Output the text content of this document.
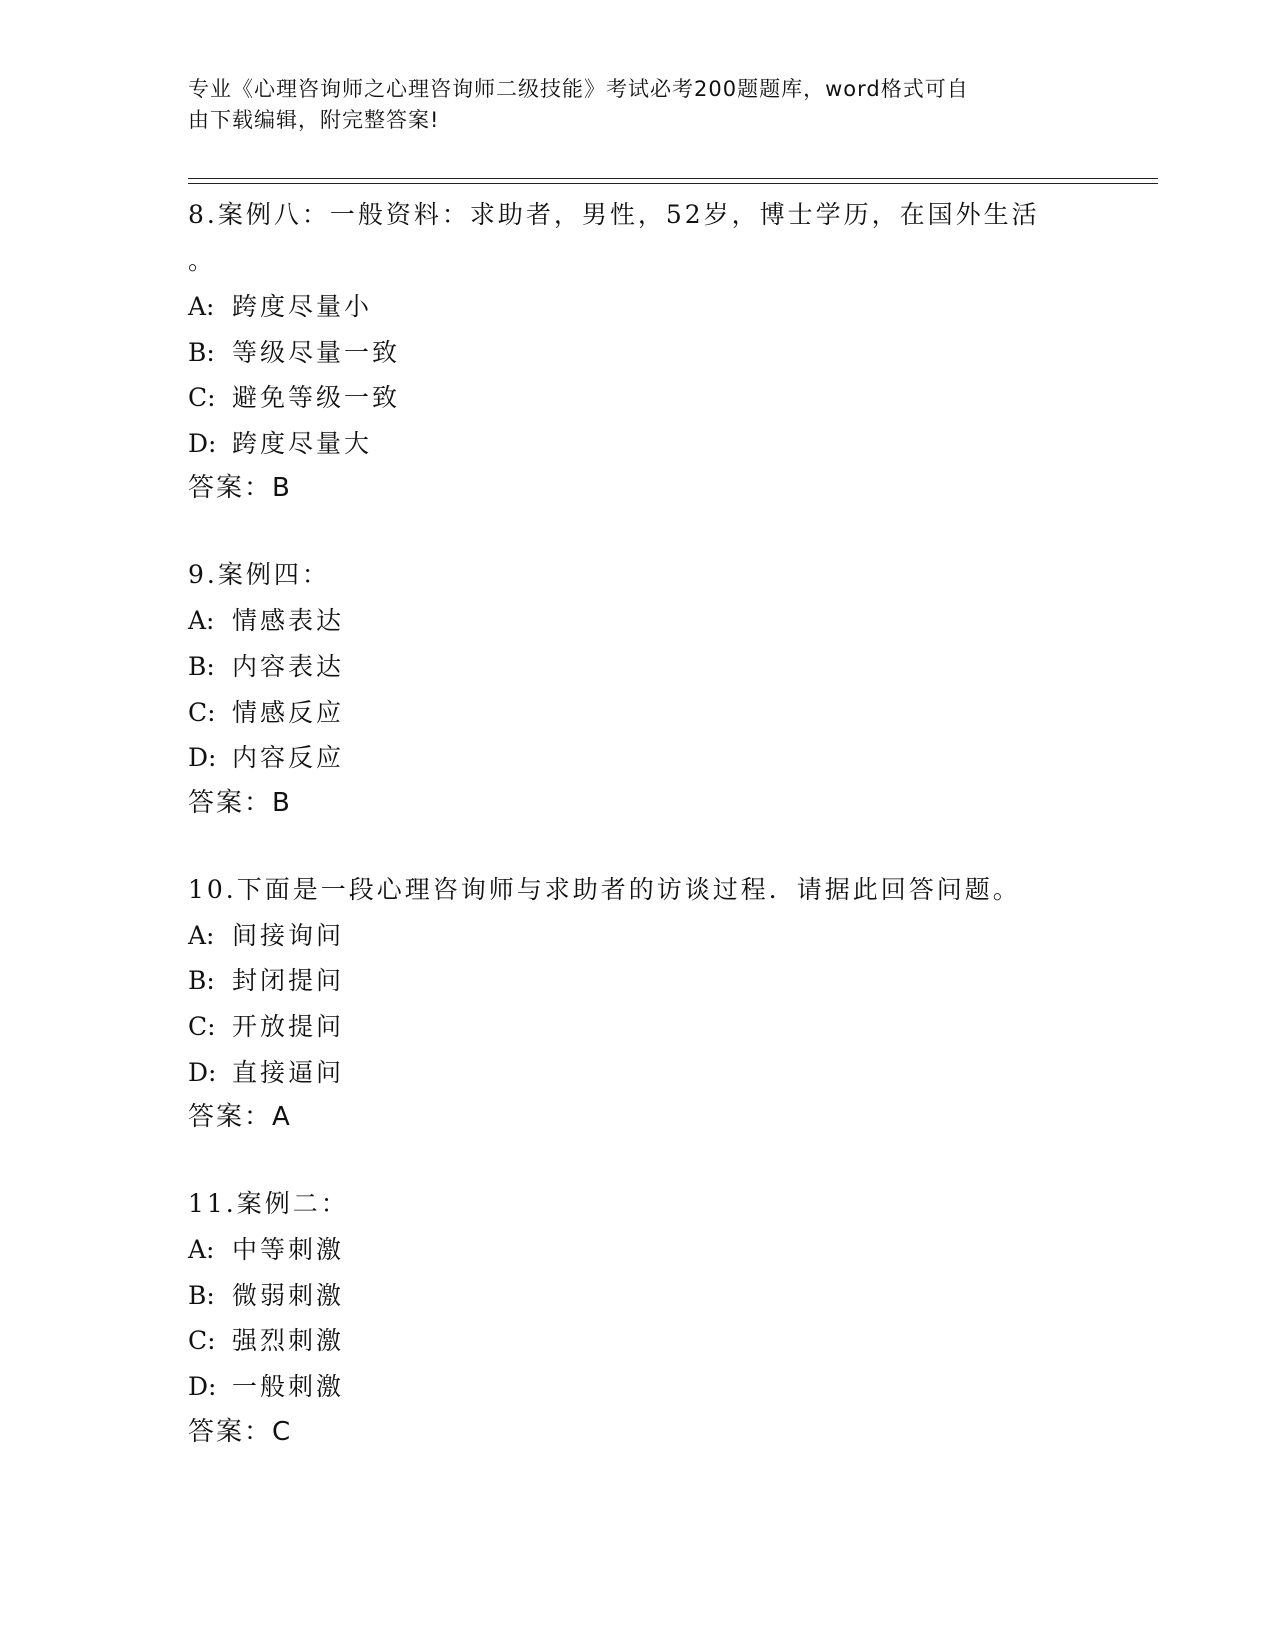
专业《心理咨询师之心理咨询师二级技能》考试必考200题题库，word格式可自
由下载编辑，附完整答案!
8.案例八：一般资料：求助者，男性，52岁，博士学历，在国外生活
。
A: 跨度尽量小
B: 等级尽量一致
C: 避免等级一致
D: 跨度尽量大
答案：B
9.案例四：
A: 情感表达
B: 内容表达
C: 情感反应
D: 内容反应
答案：B
10.下面是一段心理咨询师与求助者的访谈过程．请据此回答问题。
A: 间接询问
B: 封闭提问
C: 开放提问
D: 直接逼问
答案：A
11.案例二：
A: 中等刺激
B: 微弱刺激
C: 强烈刺激
D: 一般刺激
答案：C
